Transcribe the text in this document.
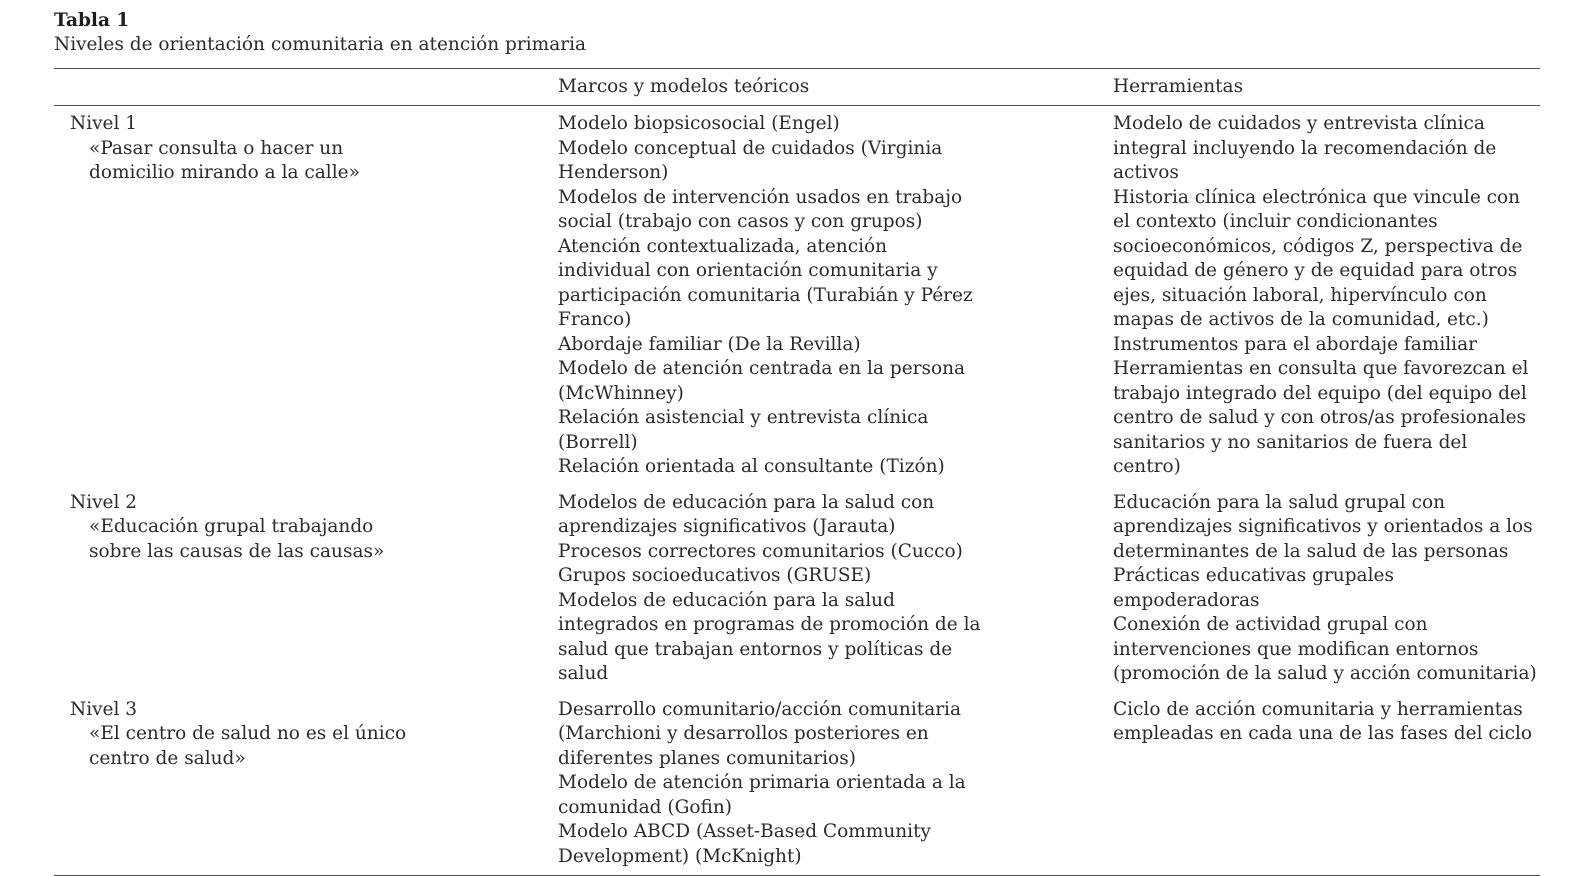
Tabla 1

Niveles de orientación comunitaria en atención primaria

Marcos y modelos teóricos	Herramientas
Nivel 1
«Pasar consulta o hacer un domicilio mirando a la calle»
Modelo biopsicosocial (Engel)
Modelo conceptual de cuidados (Virginia Henderson)
Modelos de intervención usados en trabajo social (trabajo con casos y con grupos)
Atención contextualizada, atención individual con orientación comunitaria y participación comunitaria (Turabián y Pérez Franco)
Abordaje familiar (De la Revilla)
Modelo de atención centrada en la persona (McWhinney)
Relación asistencial y entrevista clínica (Borrell)
Relación orientada al consultante (Tizón)
Modelo de cuidados y entrevista clínica integral incluyendo la recomendación de activos
Historia clínica electrónica que vincule con el contexto (incluir condicionantes socioeconómicos, códigos Z, perspectiva de equidad de género y de equidad para otros ejes, situación laboral, hipervínculo con mapas de activos de la comunidad, etc.)
Instrumentos para el abordaje familiar
Herramientas en consulta que favorezcan el trabajo integrado del equipo (del equipo del centro de salud y con otros/as profesionales sanitarios y no sanitarios de fuera del centro)
Nivel 2
«Educación grupal trabajando sobre las causas de las causas»
Modelos de educación para la salud con aprendizajes significativos (Jarauta)
Procesos correctores comunitarios (Cucco)
Grupos socioeducativos (GRUSE)
Modelos de educación para la salud integrados en programas de promoción de la salud que trabajan entornos y políticas de salud
Educación para la salud grupal con aprendizajes significativos y orientados a los determinantes de la salud de las personas
Prácticas educativas grupales empoderadoras
Conexión de actividad grupal con intervenciones que modifican entornos (promoción de la salud y acción comunitaria)
Nivel 3
«El centro de salud no es el único centro de salud»
Desarrollo comunitario/acción comunitaria (Marchioni y desarrollos posteriores en diferentes planes comunitarios)
Modelo de atención primaria orientada a la comunidad (Gofin)
Modelo ABCD (Asset-Based Community Development) (McKnight)
Ciclo de acción comunitaria y herramientas empleadas en cada una de las fases del ciclo
